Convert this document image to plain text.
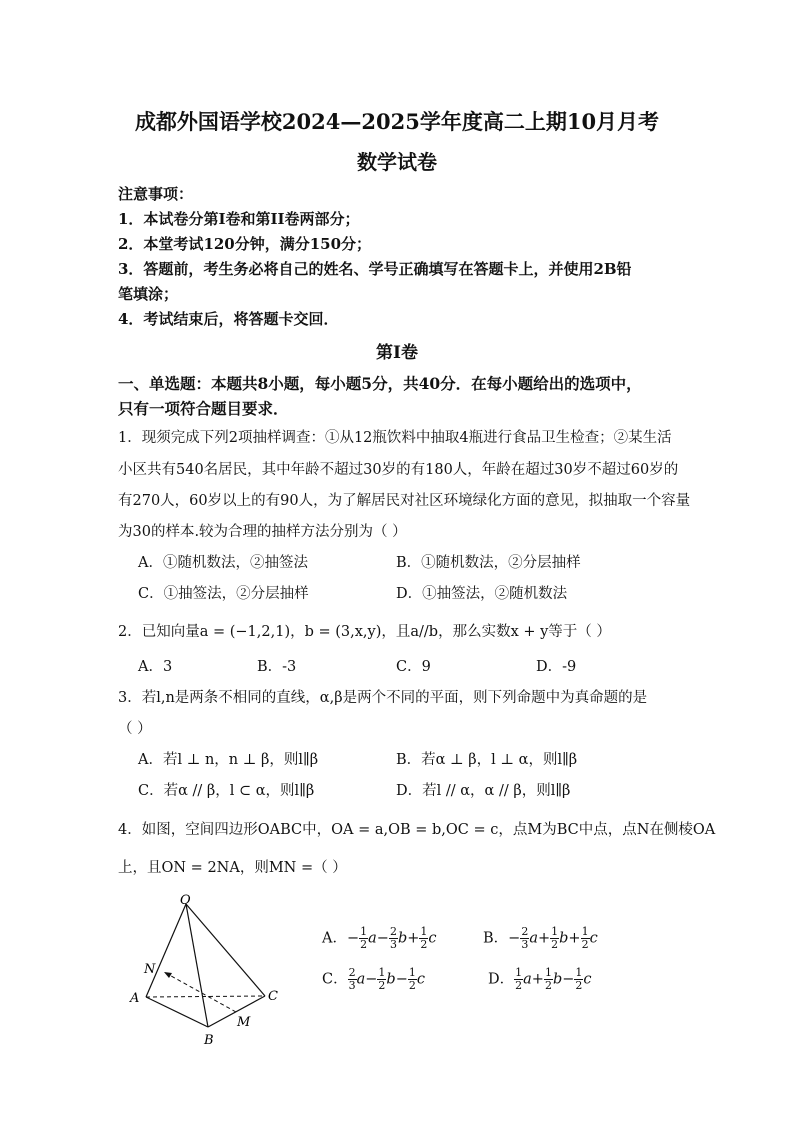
成都外国语学校2024—2025学年度高二上期10月月考
数学试卷
注意事项：
1．本试卷分第I卷和第II卷两部分；
2．本堂考试120分钟，满分150分；
3．答题前，考生务必将自己的姓名、学号正确填写在答题卡上，并使用2B铅
笔填涂；
4．考试结束后，将答题卡交回．
第I卷
一、单选题：本题共8小题，每小题5分，共40分．在每小题给出的选项中，
只有一项符合题目要求．
1．现须完成下列2项抽样调查：①从12瓶饮料中抽取4瓶进行食品卫生检查；②某生活
小区共有540名居民，其中年龄不超过30岁的有180人，年龄在超过30岁不超过60岁的
有270人，60岁以上的有90人，为了解居民对社区环境绿化方面的意见，拟抽取一个容量
为30的样本.较为合理的抽样方法分别为（ ）
A．①随机数法，②抽签法	B．①随机数法，②分层抽样
C．①抽签法，②分层抽样	D．①抽签法，②随机数法
2．已知向量a = (−1,2,1)，b = (3,x,y)，且a//b，那么实数x + y等于（ ）
A．3	B．-3	C．9	D．-9
3．若l,n是两条不相同的直线，α,β是两个不同的平面，则下列命题中为真命题的是
（ ）
A．若l ⊥ n，n ⊥ β，则l∥β	B．若α ⊥ β，l ⊥ α，则l∥β
C．若α // β，l ⊂ α，则l∥β	D．若l // α，α // β，则l∥β
4．如图，空间四边形OABC中，OA = a,OB = b,OC = c，点M为BC中点，点N在侧棱OA
上，且ON = 2NA，则MN =（ ）
O
N
A
B
C
M
A．− $\frac{1}{2} a- \frac{2}{3} b+ \frac{1}{2}$ c	B．− $\frac{2}{3} a+ \frac{1}{2} b+ \frac{1}{2}$ c
C． $\frac{2}{3} a- \frac{1}{2} b- \frac{1}{2}$ c	D． $\frac{1}{2} a+ \frac{1}{2} b- \frac{1}{2}$ c
